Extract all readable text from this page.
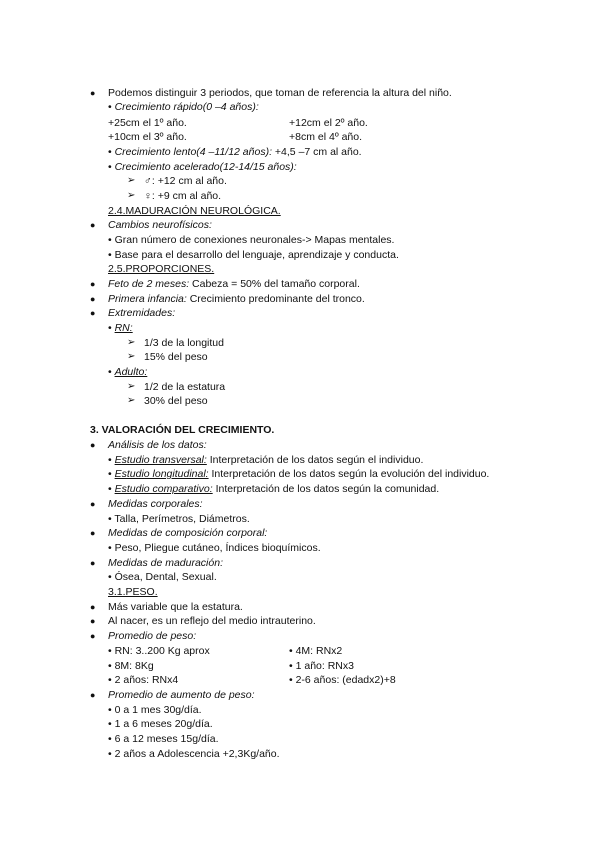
● Podemos distinguir 3 periodos, que toman de referencia la altura del niño.
• Crecimiento rápido(0 –4 años):
+25cm el 1º año.	+12cm el 2º año.
+10cm el 3º año.	+8cm el 4º año.
• Crecimiento lento(4 –11/12 años): +4,5 –7 cm al año.
• Crecimiento acelerado(12-14/15 años):
➢ ♂: +12 cm al año.
➢ ♀: +9 cm al año.
2.4.MADURACIÓN NEUROLÓGICA.
● Cambios neurofísicos:
• Gran número de conexiones neuronales-> Mapas mentales.
• Base para el desarrollo del lenguaje, aprendizaje y conducta.
2.5.PROPORCIONES.
● Feto de 2 meses: Cabeza = 50% del tamaño corporal.
● Primera infancia: Crecimiento predominante del tronco.
● Extremidades:
• RN:
➢ 1/3 de la longitud
➢ 15% del peso
• Adulto:
➢ 1/2 de la estatura
➢ 30% del peso
3. VALORACIÓN DEL CRECIMIENTO.
● Análisis de los datos:
• Estudio transversal: Interpretación de los datos según el individuo.
• Estudio longitudinal: Interpretación de los datos según la evolución del individuo.
• Estudio comparativo: Interpretación de los datos según la comunidad.
● Medidas corporales:
• Talla, Perímetros, Diámetros.
● Medidas de composición corporal:
• Peso, Pliegue cutáneo, Índices bioquímicos.
● Medidas de maduración:
• Ósea, Dental, Sexual.
3.1.PESO.
● Más variable que la estatura.
● Al nacer, es un reflejo del medio intrauterino.
● Promedio de peso:
• RN: 3..200 Kg aprox	• 4M: RNx2
• 8M: 8Kg	• 1 año: RNx3
• 2 años: RNx4	• 2-6 años: (edadx2)+8
● Promedio de aumento de peso:
• 0 a 1 mes 30g/día.
• 1 a 6 meses 20g/día.
• 6 a 12 meses 15g/día.
• 2 años a Adolescencia +2,3Kg/año.
